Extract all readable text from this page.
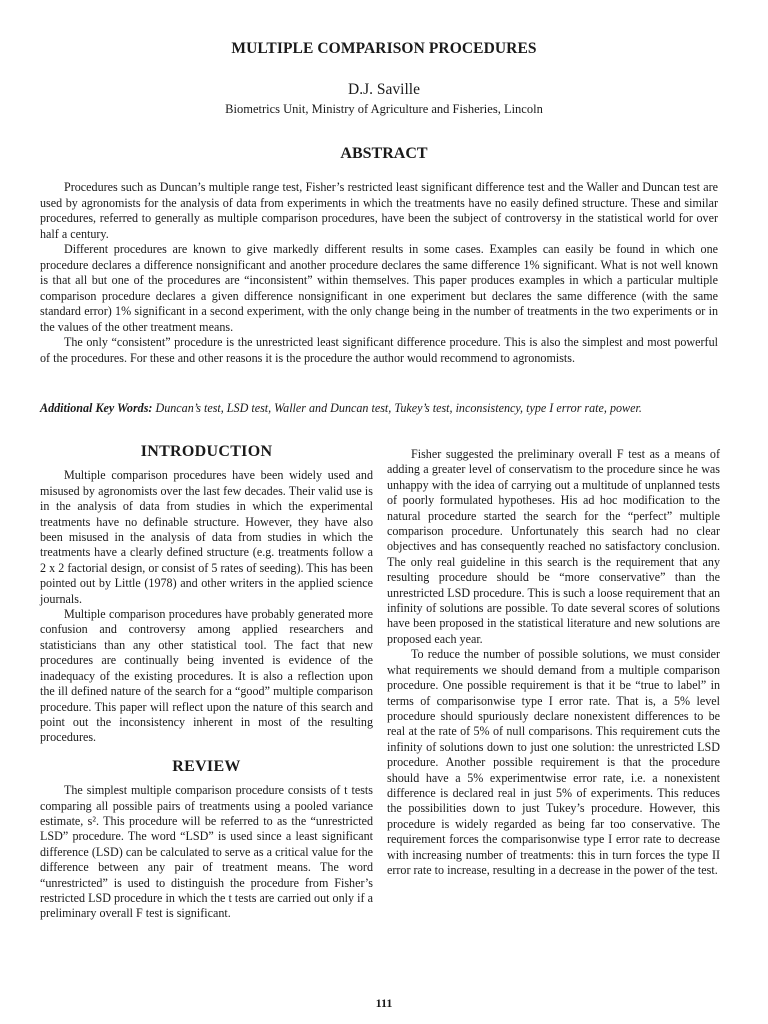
MULTIPLE COMPARISON PROCEDURES
D.J. Saville
Biometrics Unit, Ministry of Agriculture and Fisheries, Lincoln
ABSTRACT

Procedures such as Duncan’s multiple range test, Fisher’s restricted least significant difference test and the Waller and Duncan test are used by agronomists for the analysis of data from experiments in which the treatments have no easily defined structure. These and similar procedures, referred to generally as multiple comparison procedures, have been the subject of controversy in the statistical world for over half a century.

Different procedures are known to give markedly different results in some cases. Examples can easily be found in which one procedure declares a difference nonsignificant and another procedure declares the same difference 1% significant. What is not well known is that all but one of the procedures are “inconsistent” within themselves. This paper produces examples in which a particular multiple comparison procedure declares a given difference nonsignificant in one experiment but declares the same difference (with the same standard error) 1% significant in a second experiment, with the only change being in the number of treatments in the two experiments or in the values of the other treatment means.

The only “consistent” procedure is the unrestricted least significant difference procedure. This is also the simplest and most powerful of the procedures. For these and other reasons it is the procedure the author would recommend to agronomists.

Additional Key Words: Duncan’s test, LSD test, Waller and Duncan test, Tukey’s test, inconsistency, type I error rate, power.
INTRODUCTION

Multiple comparison procedures have been widely used and misused by agronomists over the last few decades. Their valid use is in the analysis of data from studies in which the experimental treatments have no definable structure. However, they have also been misused in the analysis of data from studies in which the treatments have a clearly defined structure (e.g. treatments follow a 2 x 2 factorial design, or consist of 5 rates of seeding). This has been pointed out by Little (1978) and other writers in the applied science journals.

Multiple comparison procedures have probably generated more confusion and controversy among applied researchers and statisticians than any other statistical tool. The fact that new procedures are continually being invented is evidence of the inadequacy of the existing procedures. It is also a reflection upon the ill defined nature of the search for a “good” multiple comparison procedure. This paper will reflect upon the nature of this search and point out the inconsistency inherent in most of the resulting procedures.

REVIEW

The simplest multiple comparison procedure consists of t tests comparing all possible pairs of treatments using a pooled variance estimate, s². This procedure will be referred to as the “unrestricted LSD” procedure. The word “LSD” is used since a least significant difference (LSD) can be calculated to serve as a critical value for the difference between any pair of treatment means. The word “unrestricted” is used to distinguish the procedure from Fisher’s restricted LSD procedure in which the t tests are carried out only if a preliminary overall F test is significant.

Fisher suggested the preliminary overall F test as a means of adding a greater level of conservatism to the procedure since he was unhappy with the idea of carrying out a multitude of unplanned tests of poorly formulated hypotheses. His ad hoc modification to the natural procedure started the search for the “perfect” multiple comparison procedure. Unfortunately this search had no clear objectives and has consequently reached no satisfactory conclusion. The only real guideline in this search is the requirement that any resulting procedure should be “more conservative” than the unrestricted LSD procedure. This is such a loose requirement that an infinity of solutions are possible. To date several scores of solutions have been proposed in the statistical literature and new solutions are proposed each year.

To reduce the number of possible solutions, we must consider what requirements we should demand from a multiple comparison procedure. One possible requirement is that it be “true to label” in terms of comparisonwise type I error rate. That is, a 5% level procedure should spuriously declare nonexistent differences to be real at the rate of 5% of null comparisons. This requirement cuts the infinity of solutions down to just one solution: the unrestricted LSD procedure. Another possible requirement is that the procedure should have a 5% experimentwise error rate, i.e. a nonexistent difference is declared real in just 5% of experiments. This reduces the possibilities down to just Tukey’s procedure. However, this procedure is widely regarded as being far too conservative. The requirement forces the comparisonwise type I error rate to decrease with increasing number of treatments: this in turn forces the type II error rate to increase, resulting in a decrease in the power of the test.

111
